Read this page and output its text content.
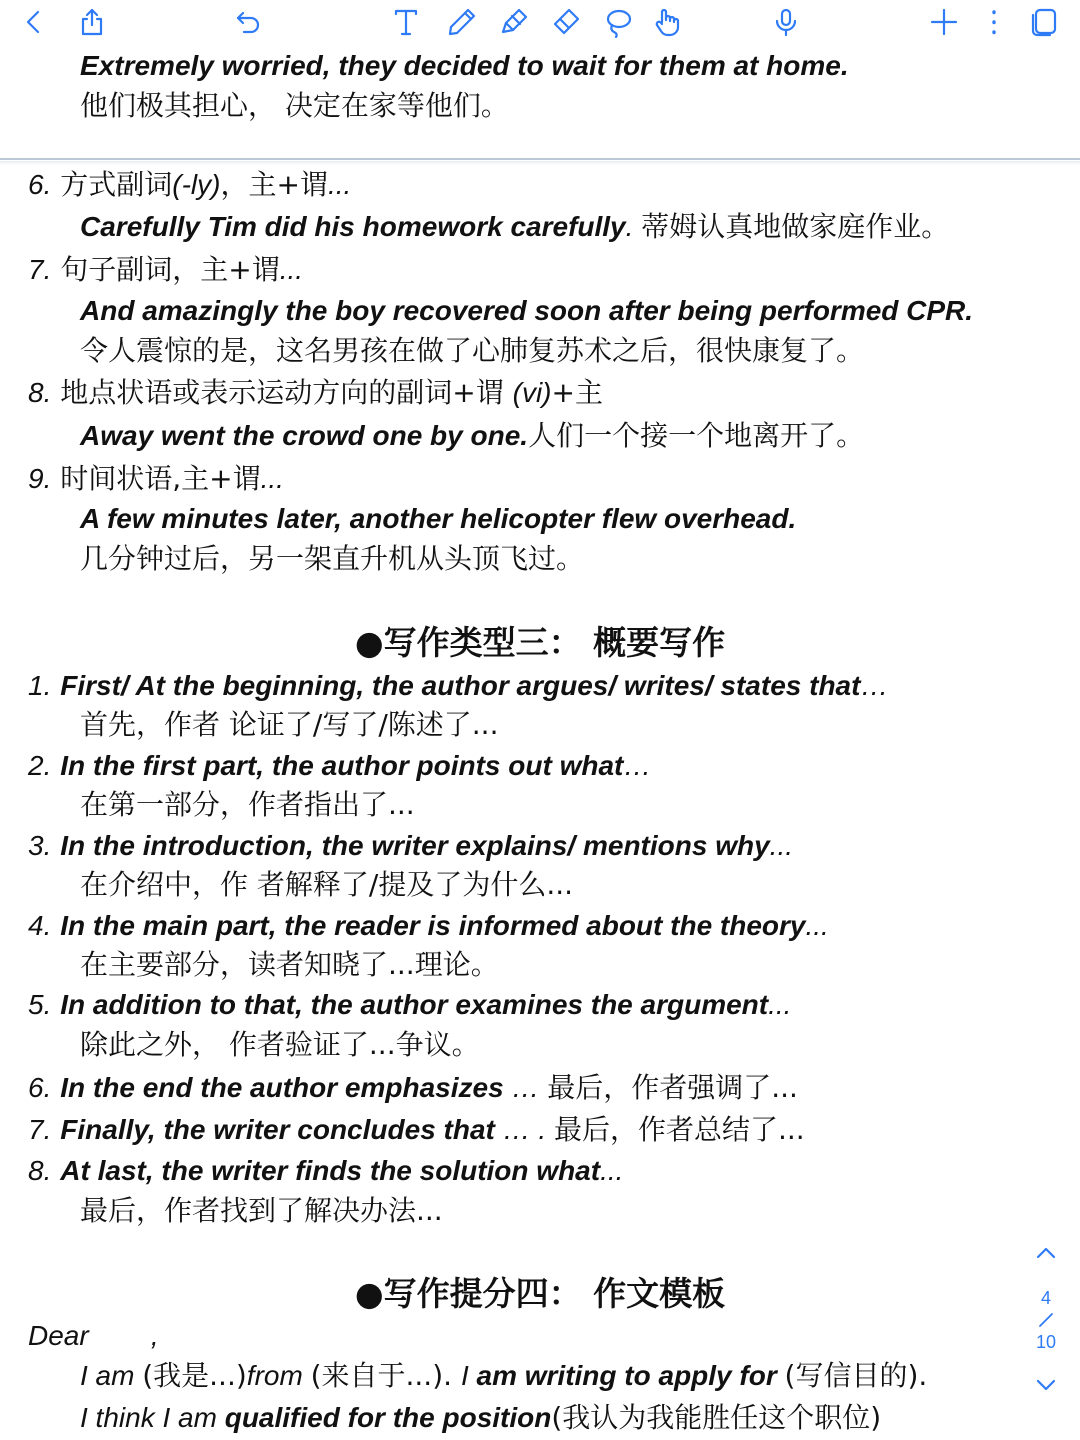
Extremely worried, they decided to wait for them at home.
他们极其担心， 决定在家等他们。
6. 方式副词(-ly)，主+谓...
Carefully Tim did his homework carefully. 蒂姆认真地做家庭作业。
7. 句子副词，主+谓...
And amazingly the boy recovered soon after being performed CPR.
令人震惊的是，这名男孩在做了心肺复苏术之后，很快康复了。
8. 地点状语或表示运动方向的副词+谓 (vi)+主
Away went the crowd one by one.人们一个接一个地离开了。
9. 时间状语,主+谓...
A few minutes later, another helicopter flew overhead.
几分钟过后，另一架直升机从头顶飞过。
●写作类型三： 概要写作
1. First/ At the beginning, the author argues/ writes/ states that…
首先，作者 论证了/写了/陈述了...
2. In the first part, the author points out what…
在第一部分，作者指出了...
3. In the introduction, the writer explains/ mentions why...
在介绍中，作 者解释了/提及了为什么...
4. In the main part, the reader is informed about the theory...
在主要部分，读者知晓了...理论。
5. In addition to that, the author examines the argument...
除此之外， 作者验证了...争议。
6. In the end the author emphasizes … 最后，作者强调了...
7. Finally, the writer concludes that … . 最后，作者总结了...
8. At last, the writer finds the solution what...
最后，作者找到了解决办法...
●写作提分四： 作文模板
Dear        ,
I am (我是...)from (来自于...). I am writing to apply for (写信目的).
I think I am qualified for the position(我认为我能胜任这个职位)
4
10
